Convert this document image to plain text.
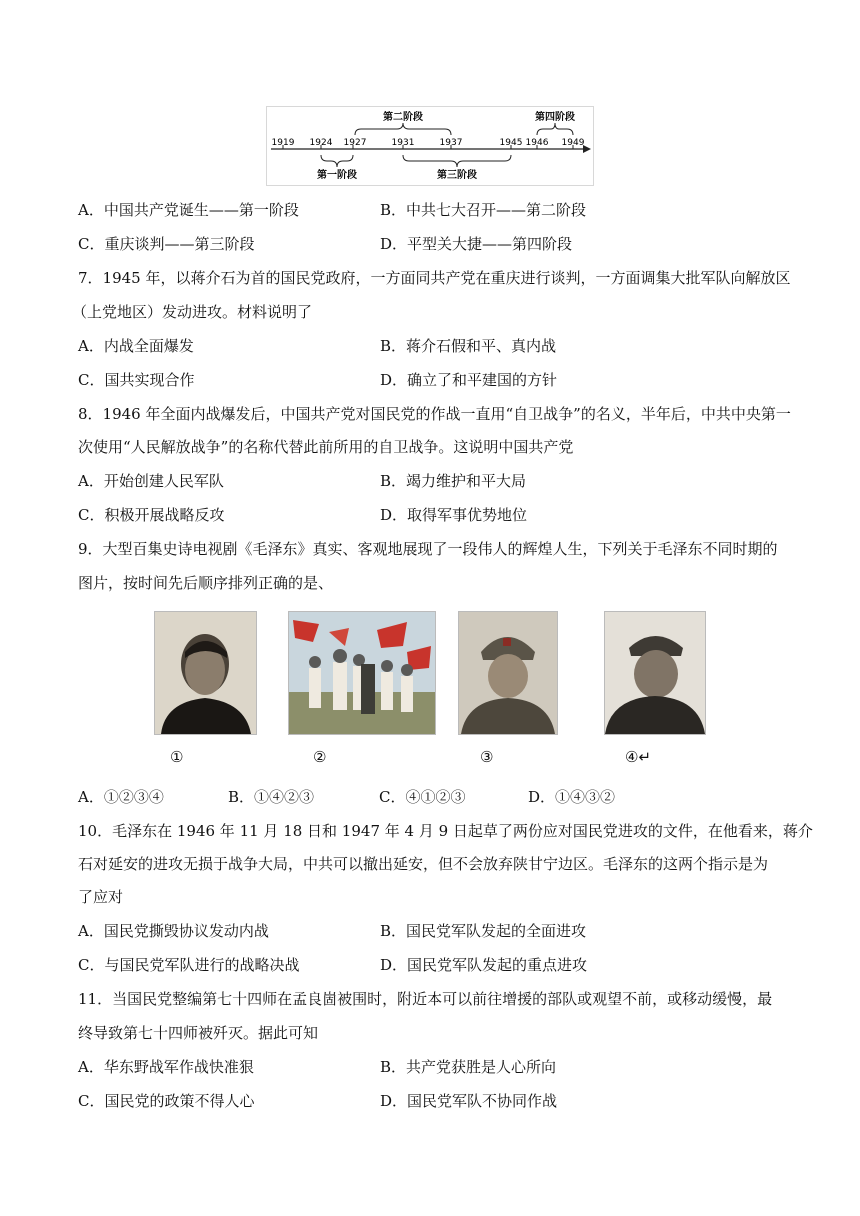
1919 1924 1927	1931	1937	1945 1946 1949
第二阶段	第四阶段
第一阶段	第三阶段
A．中国共产党诞生——第一阶段	B．中共七大召开——第二阶段
C．重庆谈判——第三阶段	D．平型关大捷——第四阶段
7．1945 年，以蒋介石为首的国民党政府，一方面同共产党在重庆进行谈判，一方面调集大批军队向解放区
（上党地区）发动进攻。材料说明了
A．内战全面爆发	B．蒋介石假和平、真内战
C．国共实现合作	D．确立了和平建国的方针
8．1946 年全面内战爆发后，中国共产党对国民党的作战一直用“自卫战争”的名义，半年后，中共中央第一
次使用“人民解放战争”的名称代替此前所用的自卫战争。这说明中国共产党
A．开始创建人民军队	B．竭力维护和平大局
C．积极开展战略反攻	D．取得军事优势地位
9．大型百集史诗电视剧《毛泽东》真实、客观地展现了一段伟人的辉煌人生，下列关于毛泽东不同时期的
图片，按时间先后顺序排列正确的是、
①	②	③	④↵
A．①②③④	B．①④②③	C．④①②③	D．①④③②
10．毛泽东在 1946 年 11 月 18 日和 1947 年 4 月 9 日起草了两份应对国民党进攻的文件，在他看来，蒋介
石对延安的进攻无损于战争大局，中共可以撤出延安，但不会放弃陕甘宁边区。毛泽东的这两个指示是为
了应对
A．国民党撕毁协议发动内战	B．国民党军队发起的全面进攻
C．与国民党军队进行的战略决战	D．国民党军队发起的重点进攻
11．当国民党整编第七十四师在孟良崮被围时，附近本可以前往增援的部队或观望不前，或移动缓慢，最
终导致第七十四师被歼灭。据此可知
A．华东野战军作战快准狠	B．共产党获胜是人心所向
C．国民党的政策不得人心	D．国民党军队不协同作战
